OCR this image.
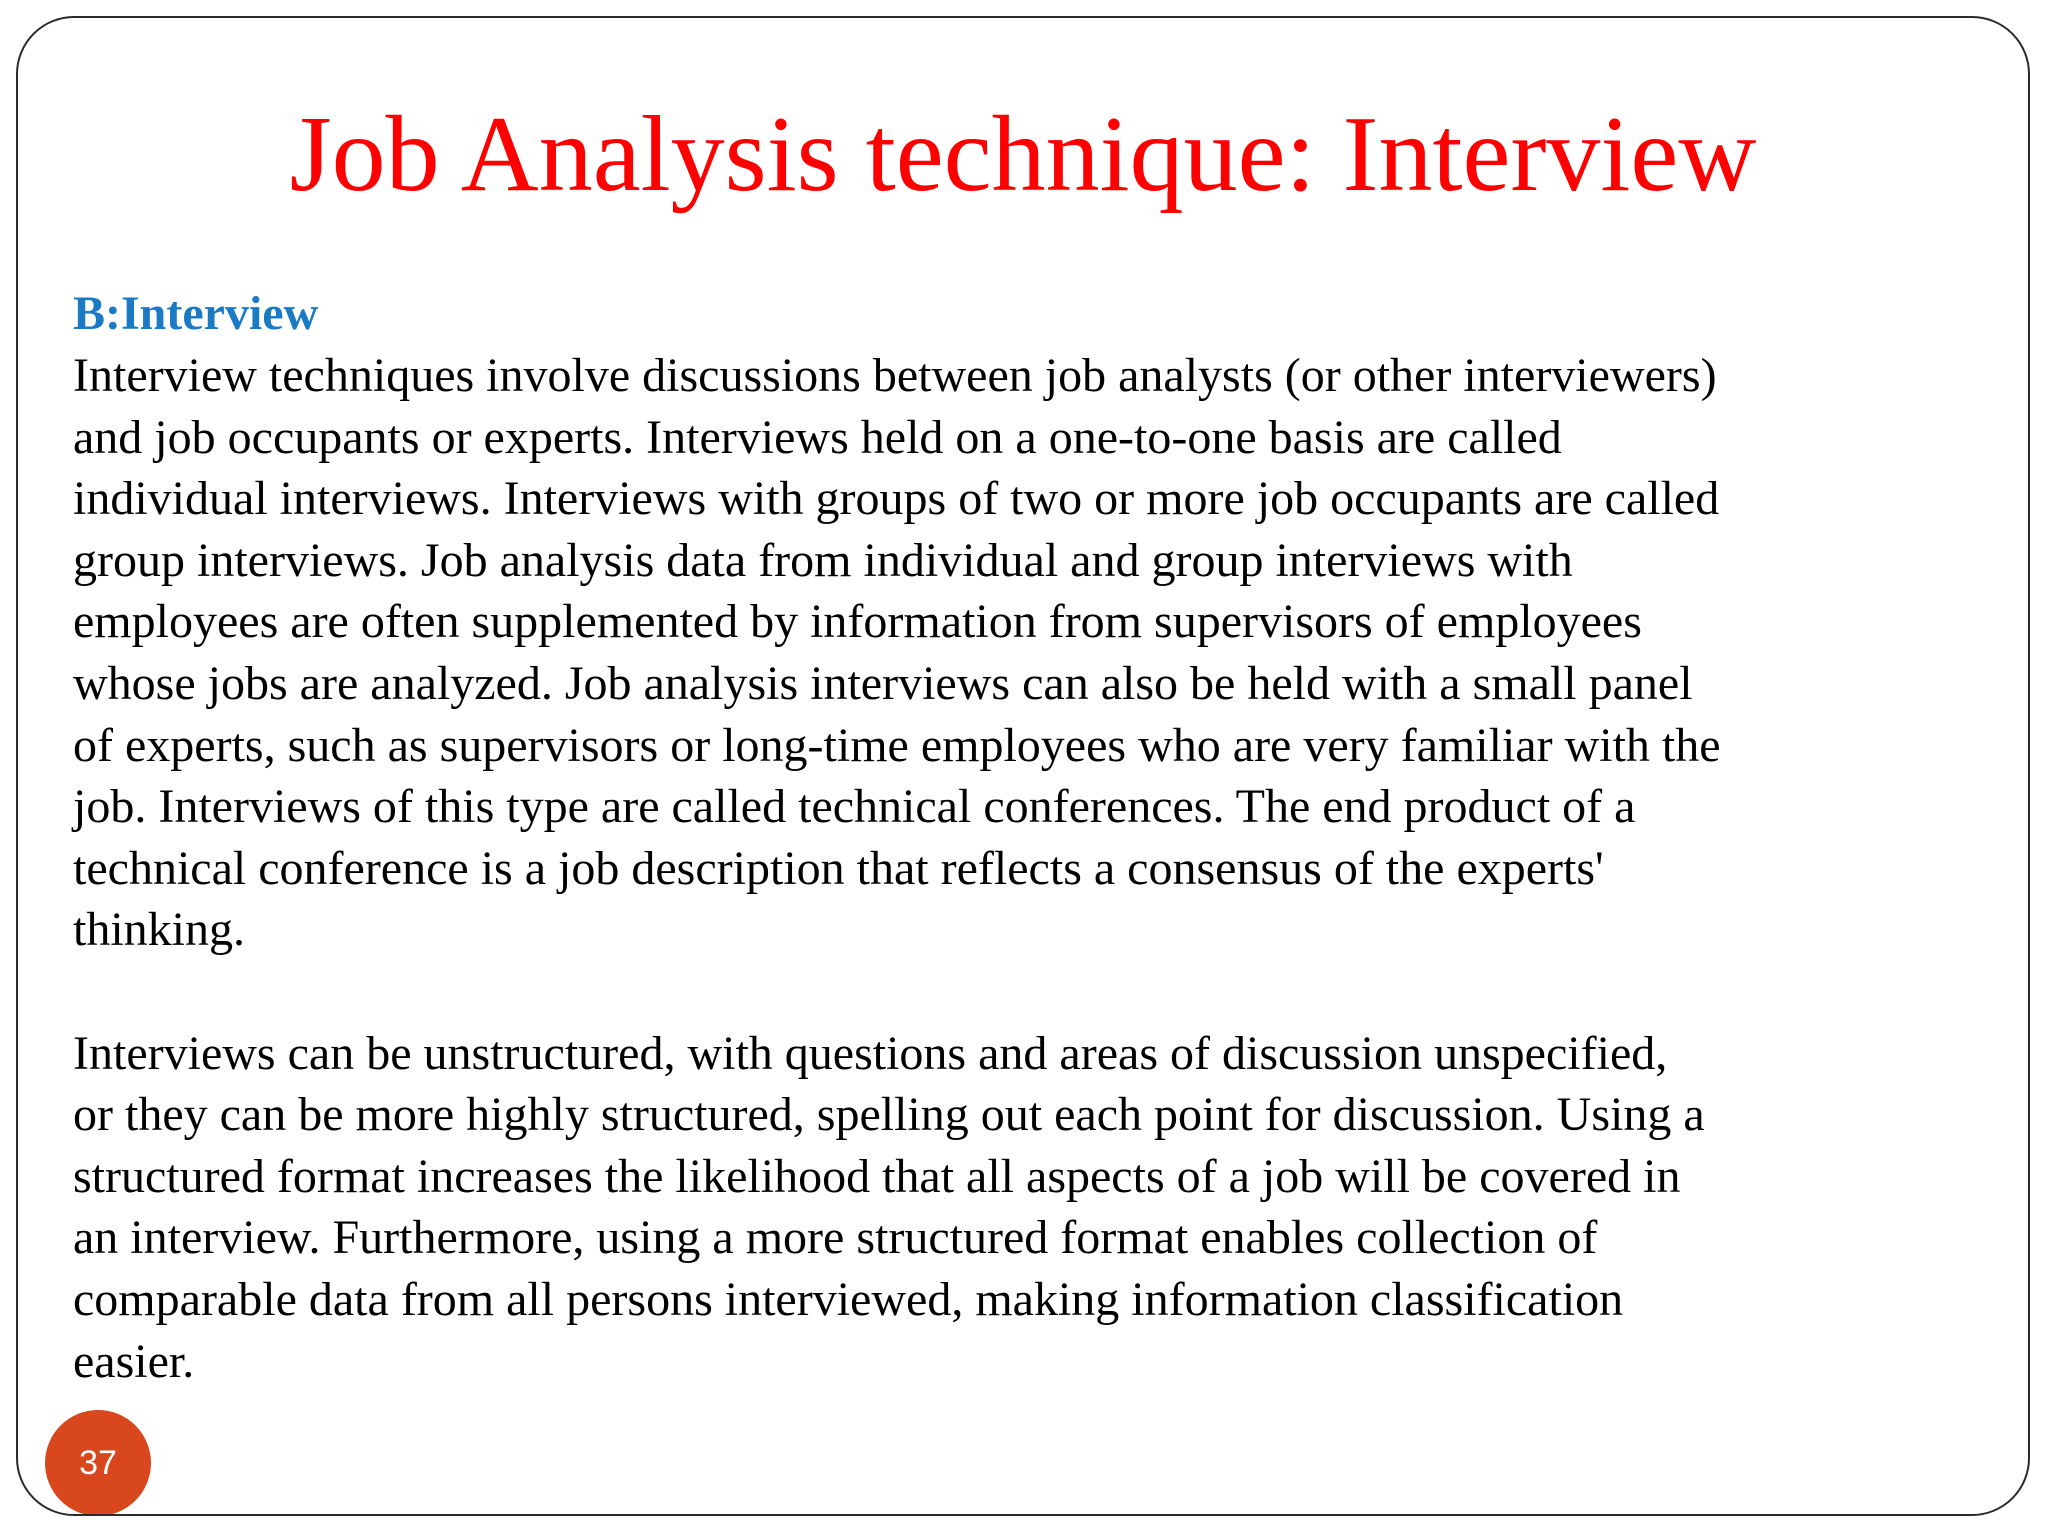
Job Analysis technique: Interview
B:Interview

Interview techniques involve discussions between job analysts (or other interviewers)
and job occupants or experts. Interviews held on a one-to-one basis are called
individual interviews. Interviews with groups of two or more job occupants are called
group interviews. Job analysis data from individual and group interviews with
employees are often supplemented by information from supervisors of employees
whose jobs are analyzed. Job analysis interviews can also be held with a small panel
of experts, such as supervisors or long-time employees who are very familiar with the
job. Interviews of this type are called technical conferences. The end product of a
technical conference is a job description that reflects a consensus of the experts'
thinking.

Interviews can be unstructured, with questions and areas of discussion unspecified,
or they can be more highly structured, spelling out each point for discussion. Using a
structured format increases the likelihood that all aspects of a job will be covered in
an interview. Furthermore, using a more structured format enables collection of
comparable data from all persons interviewed, making information classification
easier.

37
